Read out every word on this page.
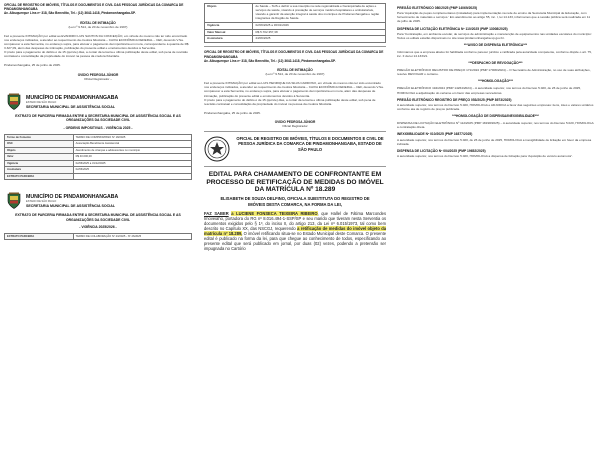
OFICIAL DE REGISTRO DE IMÓVEIS, TÍTULOS E DOCUMENTOS E CIVIL DAS PESSOAS JURÍDICAS DA COMARCA DE PINDAMONHANGABA

Av. Albuquerque Lins nº 318, São Benedito, Tel.: (12) 3642-1418, Pindamonhangaba-SP.

EDITAL DE INTIMAÇÃO

(Lei nº 9.514, de 20 de novembro de 1997)

Faz a presente INTIMAÇÃO por edital ao EVANDRO LUIS SANTOS DA CONCEIÇÃO, em virtude do mesmo não ter sido encontrado nos endereços indicados, a atender ao requerimento da credora fiduciária – CAIXA ECONÔMICA FEDERAL – CEF, devendo V.Sa. comparecer a esta Serventia, no endereço supra, para efetuar o pagamento da importância em mora, correspondente à quantia de R$ 3.327,09, além das despesas de intimação, publicação do presente edital e emolumentos devidos à Serventia.

O prazo para o pagamento do débito é de 15 (quinze) dias, a contar da terceira e última publicação deste edital, sob pena de rescisão contratual e consolidação da propriedade do imóvel na pessoa da credora fiduciária.

Pindamonhangaba, 25 de junho de 2025.

OVIDIO PEDROSA JÚNIOR

Oficial Registrador –

MUNICÍPIO DE PINDAMONHANGABA
ESTADO DE SÃO PAULO
SECRETARIA MUNICIPAL DE ASSISTÊNCIA SOCIAL
EXTRATO DE PARCERIA FIRMADA ENTRE A SECRETARIA MUNICIPAL DE ASSISTÊNCIA SOCIAL E AS ORGANIZAÇÕES DA SOCIEDADE CIVIL
- ORDENS IMPOSITIVAS - VIGÊNCIA 2025 -
Termo de Fomento	TERMO DE COMPROMISSO Nº 18/2025
OSC	Associação Beneficente Assistencial
Objeto	Atendimento de crianças e adolescentes no município
Valor	R$ 40.000,00
Vigência	02/06/2025 a 31/12/2025
Assinatura	02/06/2025
EXTRATO PARCERIA	
MUNICÍPIO DE PINDAMONHANGABA
ESTADO DE SÃO PAULO
SECRETARIA MUNICIPAL DE ASSISTÊNCIA SOCIAL
EXTRATO DE PARCERIA FIRMADA ENTRE A SECRETARIA MUNICIPAL DE ASSISTÊNCIA SOCIAL E AS ORGANIZAÇÕES DA SOCIEDADE CIVIL
- VIGÊNCIA 2025/2026 -
EXTRATO PARCERIA	TERMO DE COLABORAÇÃO Nº 23/2025 - Nº 26/2025
Objeto	de Saúde – SUS e definir a sua inserção na rede regionalizada e hierarquizada de ações e serviços de saúde, visando à prestação de serviços médico-hospitalares e ambulatoriais, visando a garantir da atenção integral à saúde dos munícipes de Pindamonhangaba e região integrantes da Região de Saúde.
Vigência	02/06/2025 a 30/01/2026
Valor Mensal	R$ 5.702.357,38
Assinatura	24/06/2025

OFICIAL DE REGISTRO DE IMÓVEIS, TÍTULOS E DOCUMENTOS E CIVIL DAS PESSOAS JURÍDICAS DA COMARCA DE PINDAMONHANGABA

Av. Albuquerque Lins nº 318, São Benedito, Tel.: (12) 3642-1418, Pindamonhangaba-SP.

EDITAL DE INTIMAÇÃO

(Lei nº 9.514, de 20 de novembro de 1997)

Faz a presente INTIMAÇÃO por edital ao LUIS HENRIQUE DA SILVA CARDOSO, em virtude do mesmo não ter sido encontrado nos endereços indicados, a atender ao requerimento da credora fiduciária – CAIXA ECONÔMICA FEDERAL – CEF, devendo V.Sa. comparecer a esta Serventia, no endereço supra, para efetuar o pagamento da importância em mora, além das despesas de intimação, publicação do presente edital e emolumentos devidos à Serventia.

O prazo para o pagamento do débito é de 15 (quinze) dias, a contar da terceira e última publicação deste edital, sob pena de rescisão contratual e consolidação da propriedade do imóvel na pessoa da credora fiduciária.

Pindamonhangaba, 25 de junho de 2025.

OVIDIO PEDROSA JÚNIOR

Oficial Registrador

OFICIAL DE REGISTRO DE IMÓVEIS, TÍTULOS E DOCUMENTOS E CIVIL DE PESSOA JURÍDICA DA COMARCA DE PINDAMONHANGABA, ESTADO DE SÃO PAULO
EDITAL PARA CHAMAMENTO DE CONFRONTANTE EM PROCESSO DE RETIFICAÇÃO DE MEDIDAS DO IMÓVEL DA MATRÍCULA Nº 18.289
ELISABETH DE SOUZA DELFINO, OFICIALA SUBSTITUTA DO REGISTRO DE IMÓVEIS DESTA COMARCA, NA FORMA DA LEI,

FAZ SABER a LUCIENE FONSECA TEIXEIRA RIBEIRO, que Hallel de Fátima Marcondes Imoveiaho, portadora do RG nº 8.016.494-1-SSP/SP e seu marido que tiveram nesta Serventia os documentos exigidos pelo § 1º, do inciso II, do artigo 213, da Lei nº 6.015/1973, tal como bem descrito no Capítulo XX, das NSCGJ, requerendo a retificação de medidas do imóvel objeto da matrícula nº 18.289, O imóvel retificando situa-se no Estado Municipal deste Comarca. O presente edital é publicado na forma da lei, para que chegue ao conhecimento de todos, especificando ao presente edital que será publicado em jornal, por duas (02) vezes, podendo a pretensão ser impugnada no Cartório

PREGÃO ELETRÔNICO 080/2025 (PMP 14069/2025)

Para 'Aquisição de peças complementares (instaladas) para implementação na rede de ensino da Secretaria Municipal de Educação, com fornecimento de materiais e serviços.' Em atendimento ao artigo 55, inc. I, lei 14.133, informamos que a sessão pública será realizada em 11 de julho de 2025.

DISPENSA DE LICITAÇÃO ELETRÔNICA Nº 110/2025 (PMP 13008/2025)

Para 'Contratação, em ambiente escolar, de serviços de administração e manutenção de equipamentos nas unidades escolares do município'. Todos os editais estarão disponíveis no site www.pindamonhangaba.sp.gov.br.

***AVISO DE DISPENSA ELETRÔNICA***

Informamos que a empresa abaixo foi habilitada conforme parecer jurídico e ratificada pela autoridade competente, conforme dispõe o art. 75, inc. II da lei 14.133/21.

***DESPACHO DE REVOGAÇÃO***

PREGÃO ELETRÔNICO REGISTRO DE PREÇO 171/2024 (PMP 17006/2024) – O Secretário de Administração, no uso de suas atribuições, resolve REVOGAR o certame.

***HOMOLOGAÇÃO***

PREGÃO ELETRÔNICO 194/2024 (PMP 14264/2024) – A autoridade superior, nos termos do Decreto 5.020, de 26 de junho de 2025, HOMOLOGA a adjudicação do certame em favor das empresas vencedoras.

PREGÃO ELETRÔNICO REGISTRO DE PREÇO 053/2025 (PMP 8973/2025)

A autoridade superior, nos termos do Decreto 5.020, HOMOLOGA e ADJUDICA a favor das seguintes empresas: itens, lotes e valores unitários conforme ata de registro de preços publicada.

***HOMOLOGAÇÃO DE DISPENSA/INEXIGIBILIDADE***

DISPENSA DE LICITAÇÃO ELETRÔNICA Nº 112/2025 (PMP 18198/2025) – A autoridade superior, nos termos do Decreto 5.020, HOMOLOGA a contratação direta.

INEXIGIBILIDADE Nº 010/2025 (PMP 16877/2025)

A autoridade superior, nos termos do Decreto 5.020, de 26 de junho de 2025, HOMOLOGA a inexigibilidade de licitação em favor da empresa indicada.

DISPENSA DE LICITAÇÃO Nº 004/2025 (PMP 19652/2025)

A autoridade superior, nos termos do Decreto 5.020, HOMOLOGA a dispensa de licitação para 'Aquisição de veículo automotor'.
